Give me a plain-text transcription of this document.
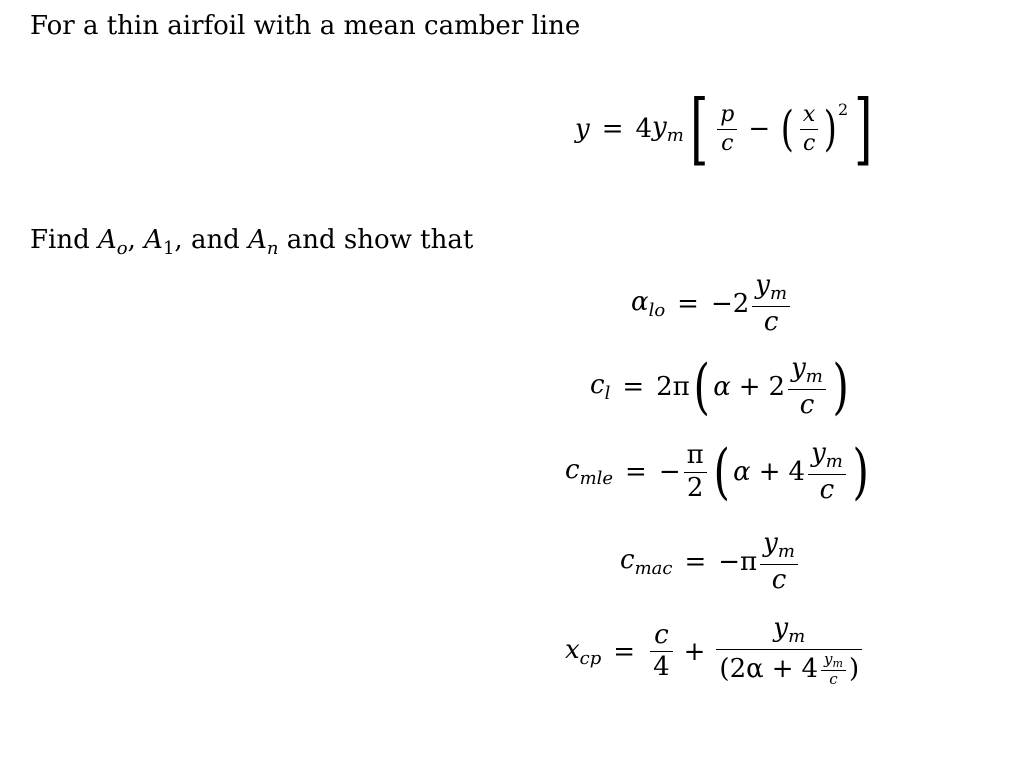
For a thin airfoil with a mean camber line
y = 4 $y_m$ [ $\frac{p}{c}$ − ( $\frac{x}{c}$ ) 2 ]
Find $A_o$, $A_1$, and $A_n$ and show that
$\alpha_{lo} = -2 \frac{y_m}{c}$
$c_l = 2\pi$ ( $\alpha + 2 \frac{y_m}{c}$ )
$c_{mle}$ = − $\frac{\pi}{2}$ ( $\alpha + 4 \frac{y_m}{c}$ )
$c_{mac} = -\pi \frac{y_m}{c}$
$x_{cp} = \frac{c}{4}$ +
$y_m$
( $2\alpha + 4 \frac{y_m}{c}$ )
